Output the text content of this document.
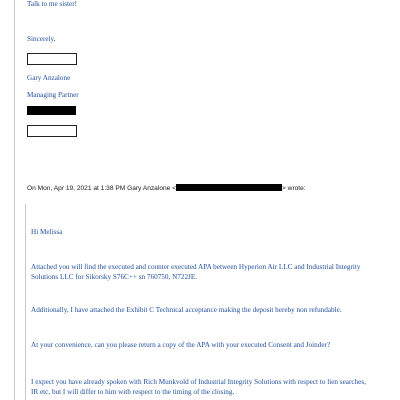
Talk to me sister!

Sincerely,

Gary Anzalone

Managing Partner

On Mon, Apr 19, 2021 at 1:38 PM Gary Anzalone <	> wrote:

Hi Melissa

Attached you will find the executed and counter executed APA between Hyperion Air LLC and Industrial Integrity Solutions LLC for Sikorsky S76C++ sn 760750, N722JE.

Additionally, I have attached the Exhibit C Technical acceptance making the deposit hereby non refundable.

At your convenience, can you please return a copy of the APA with your executed Consent and Joinder?

I expect you have already spoken with Rich Munkvold of Industrial Integrity Solutions with respect to lien searches, IR etc, but I will differ to him with respect to the timing of the closing.
